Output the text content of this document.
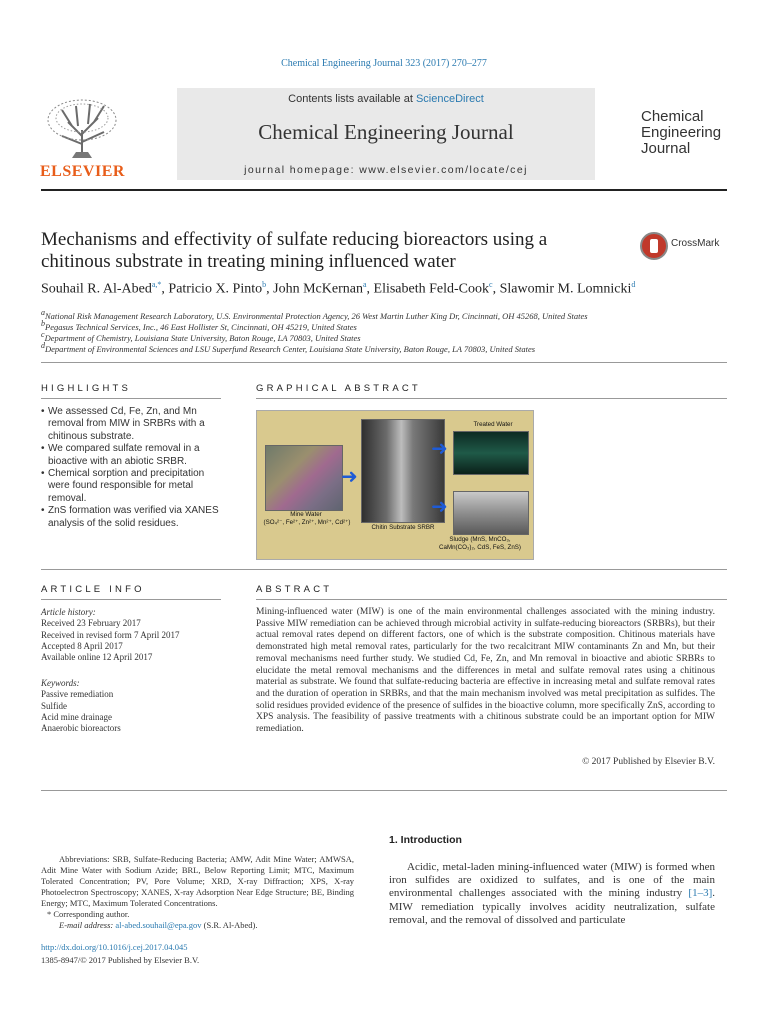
Chemical Engineering Journal 323 (2017) 270–277
Contents lists available at ScienceDirect
Chemical Engineering Journal
journal homepage: www.elsevier.com/locate/cej
ELSEVIER
Chemical
Engineering
Journal
Mechanisms and effectivity of sulfate reducing bioreactors using a
chitinous substrate in treating mining influenced water
CrossMark
Souhail R. Al-Abed$^{a,*}$, Patricio X. Pinto$^b$, John McKernan$^a$, Elisabeth Feld-Cook$^c$, Slawomir M. Lomnicki$^d$
$^a$National Risk Management Research Laboratory, U.S. Environmental Protection Agency, 26 West Martin Luther King Dr, Cincinnati, OH 45268, United States
$^b$Pegasus Technical Services, Inc., 46 East Hollister St, Cincinnati, OH 45219, United States
$^c$Department of Chemistry, Louisiana State University, Baton Rouge, LA 70803, United States
$^d$Department of Environmental Sciences and LSU Superfund Research Center, Louisiana State University, Baton Rouge, LA 70803, United States
HIGHLIGHTS
• We assessed Cd, Fe, Zn, and Mn removal from MIW in SRBRs with a chitinous substrate.
• We compared sulfate removal in a bioactive with an abiotic SRBR.
• Chemical sorption and precipitation were found responsible for metal removal.
• ZnS formation was verified via XANES analysis of the solid residues.
GRAPHICAL ABSTRACT
Mine Water
(SO₄²⁻, Fe²⁺, Zn²⁺, Mn²⁺, Cd²⁺)
➜
Chitin Substrate SRBR
➜
➜
Treated Water
Sludge (MnS, MnCO₃,
CaMn(CO₃)₂, CdS, FeS, ZnS)
ARTICLE INFO
Article history:
Received 23 February 2017
Received in revised form 7 April 2017
Accepted 8 April 2017
Available online 12 April 2017
Keywords:
Passive remediation
Sulfide
Acid mine drainage
Anaerobic bioreactors
ABSTRACT
Mining-influenced water (MIW) is one of the main environmental challenges associated with the mining industry. Passive MIW remediation can be achieved through microbial activity in sulfate-reducing bioreactors (SRBRs), but their actual removal rates depend on different factors, one of which is the substrate composition. Chitinous materials have demonstrated high metal removal rates, particularly for the two recalcitrant MIW contaminants Zn and Mn, but their removal mechanisms need further study. We studied Cd, Fe, Zn, and Mn removal in bioactive and abiotic SRBRs to elucidate the metal removal mechanisms and the differences in metal and sulfate removal rates using a chitinous material as substrate. We found that sulfate-reducing bacteria are effective in increasing metal and sulfate removal rates and the duration of operation in SRBRs, and that the main mechanism involved was metal precipitation as sulfides. The solid residues provided evidence of the presence of sulfides in the bioactive column, more specifically ZnS, according to XPS analysis. The feasibility of passive treatments with a chitinous substrate could be an important option for MIW remediation.
© 2017 Published by Elsevier B.V.
Abbreviations: SRB, Sulfate-Reducing Bacteria; AMW, Adit Mine Water; AMWSA, Adit Mine Water with Sodium Azide; BRL, Below Reporting Limit; MTC, Maximum Tolerated Concentration; PV, Pore Volume; XRD, X-ray Diffraction; XPS, X-ray Photoelectron Spectroscopy; XANES, X-ray Adsorption Near Edge Structure; BE, Binding Energy; MTC, Maximum Tolerated Concentrations.
* Corresponding author.
E-mail address: al-abed.souhail@epa.gov (S.R. Al-Abed).
http://dx.doi.org/10.1016/j.cej.2017.04.045
1385-8947/© 2017 Published by Elsevier B.V.
1. Introduction
Acidic, metal-laden mining-influenced water (MIW) is formed when iron sulfides are oxidized to sulfates, and is one of the main environmental challenges associated with the mining industry [1–3]. MIW remediation typically involves acidity neutralization, sulfate removal, and the removal of dissolved and particulate
